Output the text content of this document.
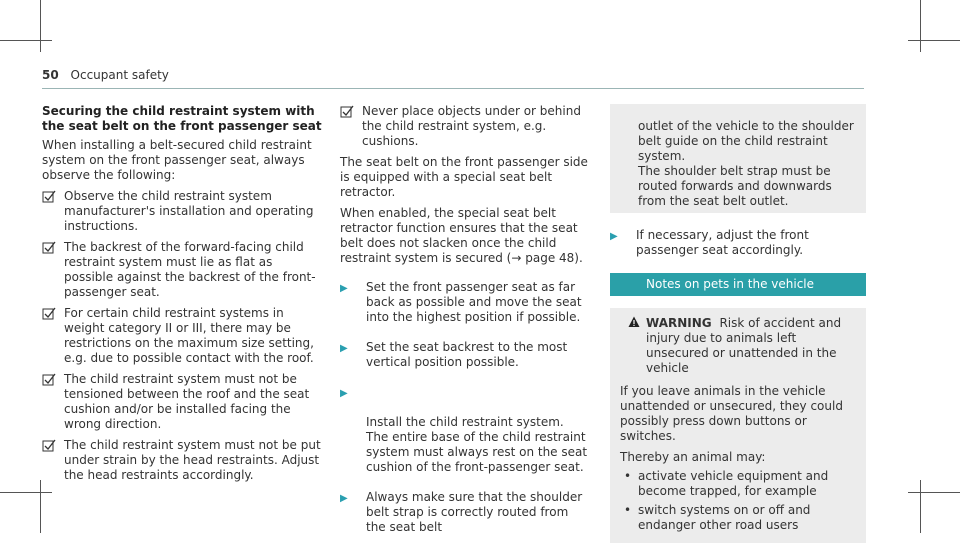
50 Occupant safety
Securing the child restraint system with the seat belt on the front passenger seat

When installing a belt-secured child restraint system on the front passenger seat, always observe the following:

Observe the child restraint system manufacturer's installation and operating instructions.
The backrest of the forward-facing child restraint system must lie as flat as possible against the backrest of the front-passenger seat.
For certain child restraint systems in weight category II or III, there may be restrictions on the maximum size setting, e.g. due to possible contact with the roof.
The child restraint system must not be tensioned between the roof and the seat cushion and/or be installed facing the wrong direction.
The child restraint system must not be put under strain by the head restraints. Adjust the head restraints accordingly.
Never place objects under or behind the child restraint system, e.g. cushions.

The seat belt on the front passenger side is equipped with a special seat belt retractor.

When enabled, the special seat belt retractor function ensures that the seat belt does not slacken once the child restraint system is secured (→ page 48).

▶ Set the front passenger seat as far back as possible and move the seat into the highest position if possible.
▶ Set the seat backrest to the most vertical position possible.

▶

Install the child restraint system.
The entire base of the child restraint system must always rest on the seat cushion of the front-passenger seat.

▶ Always make sure that the shoulder belt strap is correctly routed from the seat belt

outlet of the vehicle to the shoulder belt guide on the child restraint system.
The shoulder belt strap must be routed forwards and downwards from the seat belt outlet.

▶ If necessary, adjust the front passenger seat accordingly.
Notes on pets in the vehicle
WARNING Risk of accident and injury due to animals left unsecured or unattended in the vehicle

If you leave animals in the vehicle unattended or unsecured, they could possibly press down buttons or switches.

Thereby an animal may:

• activate vehicle equipment and become trapped, for example
• switch systems on or off and endanger other road users
